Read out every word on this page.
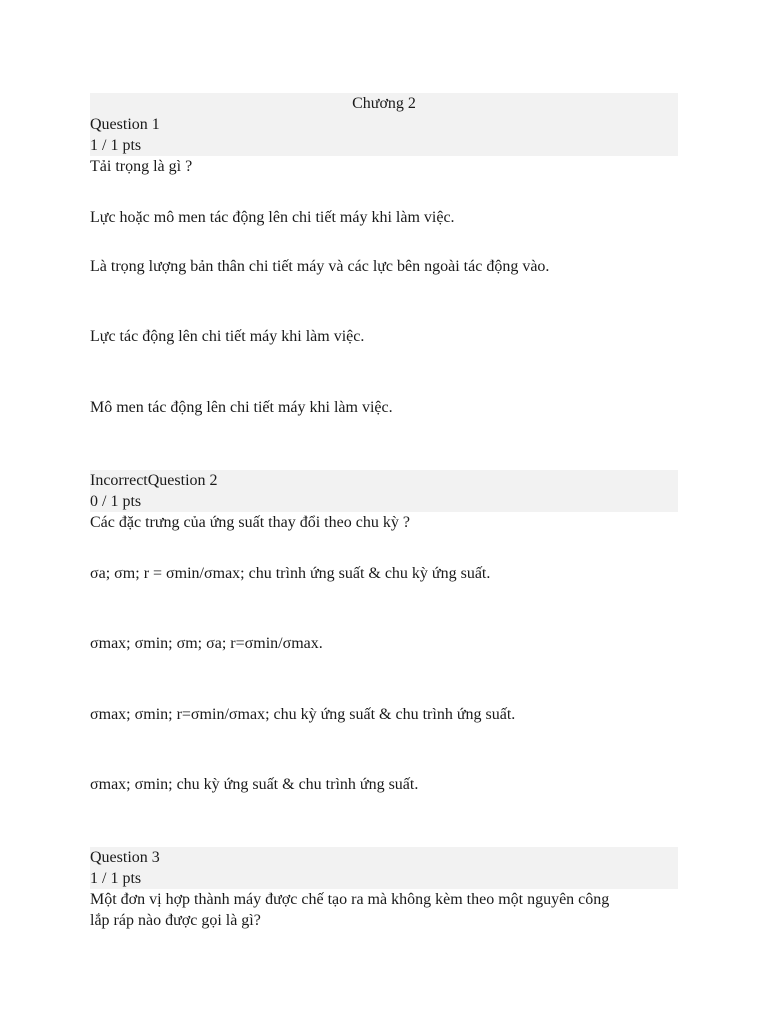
Chương 2
Question 1
1 / 1 pts
Tải trọng là gì ?
Lực hoặc mô men tác động lên chi tiết máy khi làm việc.
Là trọng lượng bản thân chi tiết máy và các lực bên ngoài tác động vào.
Lực tác động lên chi tiết máy khi làm việc.
Mô men tác động lên chi tiết máy khi làm việc.
IncorrectQuestion 2
0 / 1 pts
Các đặc trưng của ứng suất thay đổi theo chu kỳ ?
σa; σm; r = σmin/σmax; chu trình ứng suất & chu kỳ ứng suất.
σmax; σmin; σm; σa; r=σmin/σmax.
σmax; σmin; r=σmin/σmax; chu kỳ ứng suất & chu trình ứng suất.
σmax; σmin; chu kỳ ứng suất & chu trình ứng suất.
Question 3
1 / 1 pts
Một đơn vị hợp thành máy được chế tạo ra mà không kèm theo một nguyên công
lắp ráp nào được gọi là gì?
